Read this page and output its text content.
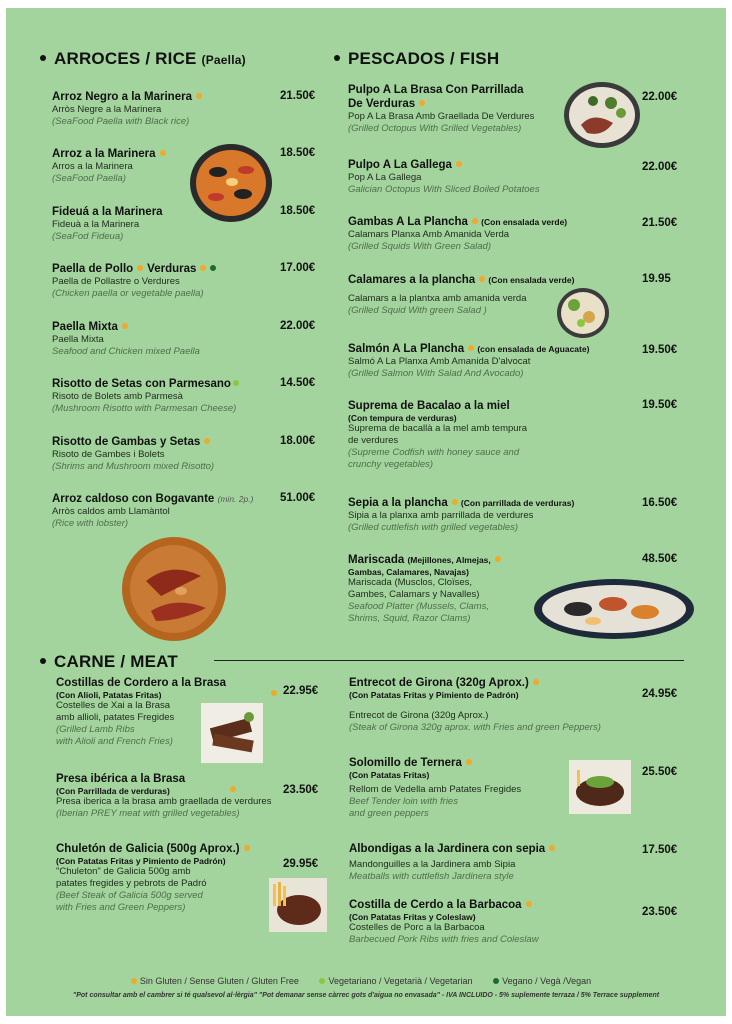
ARROCES / RICE (Paella)	PESCADOS / FISH
CARNE / MEAT
Arroz Negro a la Marinera
Arròs Negre a la Marinera
(SeaFood Paella with Black rice)
21.50€
Arroz a la Marinera
Arros a la Marinera
(SeaFood Paella)
18.50€
Fideuá a la Marinera
Fideuà a la Marinera
(SeaFod Fideua)
18.50€
Paella de Pollo Verduras
Paella de Pollastre o Verdures
(Chicken paella or vegetable paella)
17.00€
Paella Mixta
Paella Mixta
Seafood and Chicken mixed Paella
22.00€
Risotto de Setas con Parmesano
Risoto de Bolets amb Parmesà
(Mushroom Risotto with Parmesan Cheese)
14.50€
Risotto de Gambas y Setas
Risoto de Gambes i Bolets
(Shrims and Mushroom mixed Risotto)
18.00€
Arroz caldoso con Bogavante (min. 2p.)
Arròs caldos amb Llamàntol
(Rice with lobster)
51.00€
Pulpo A La Brasa Con Parrillada
De Verduras
Pop A La Brasa Amb Graellada De Verdures
(Grilled Octopus With Grilled Vegetables)
22.00€
Pulpo A La Gallega
Pop A La Gallega
Galician Octopus With Sliced Boiled Potatoes
22.00€
Gambas A La Plancha (Con ensalada verde)
Calamars Planxa Amb Amanida Verda
(Grilled Squids With Green Salad)
21.50€
Calamares a la plancha (Con ensalada verde)
Calamars a la plantxa amb amanida verda
(Grilled Squid With green Salad )
19.95
Salmón A La Plancha (con ensalada de Aguacate)
Salmó A La Planxa Amb Amanida D'alvocat
(Grilled Salmon With Salad And Avocado)
19.50€
Suprema de Bacalao a la miel
(Con tempura de verduras)
Suprema de bacallà a la mel amb tempura
de verdures
(Supreme Codfish with honey sauce and
crunchy vegetables)
19.50€
Sepia a la plancha (Con parrillada de verduras)
Sipia a la planxa amb parrillada de verdures
(Grilled cuttlefish with grilled vegetables)
16.50€
Mariscada (Mejillones, Almejas,
Gambas, Calamares, Navajas)
Mariscada (Musclos, Cloïses,
Gambes, Calamars y Navalles)
Seafood Platter (Mussels, Clams,
Shrims, Squid, Razor Clams)
48.50€
Costillas de Cordero a la Brasa
(Con Alioli, Patatas Fritas)
Costelles de Xai a la Brasa
amb allioli, patates Fregides
(Grilled Lamb Ribs
with Alioli and French Fries)
22.95€
Presa ibérica a la Brasa
(Con Parrillada de verduras)
Presa iberica a la brasa amb graellada de verdures
(Iberian PREY meat with grilled vegetables)
23.50€
Chuletón de Galicia (500g Aprox.)
(Con Patatas Fritas y Pimiento de Padrón)
"Chuleton" de Galicia 500g amb
patates fregides y pebrots de Padró
(Beef Steak of Galicia 500g served
with Fries and Green Peppers)
29.95€
Entrecot de Girona (320g Aprox.)
(Con Patatas Fritas y Pimiento de Padrón)
Entrecot de Girona (320g Aprox.)
(Steak of Girona 320g aprox. with Fries and green Peppers)
24.95€
Solomillo de Ternera
(Con Patatas Fritas)
Rellom de Vedella amb Patates Fregides
Beef Tender loin with fries
and green peppers
25.50€
Albondigas a la Jardinera con sepia
Mandonguilles a la Jardinera amb Sipia
Meatballs with cuttlefish Jardinera style
17.50€
Costilla de Cerdo a la Barbacoa
(Con Patatas Fritas y Coleslaw)
Costelles de Porc a la Barbacoa
Barbecued Pork Ribs with fries and Coleslaw
23.50€
Sin Gluten / Sense Gluten / Gluten Free	Vegetariano / Vegetarià / Vegetarian	Vegano / Vegà /Vegan
"Pot consultar amb el cambrer si té qualsevol al·lèrgia" "Pot demanar sense càrrec gots d'aigua no envasada" - IVA INCLUIDO - 5% suplemente terraza / 5% Terrace supplement
